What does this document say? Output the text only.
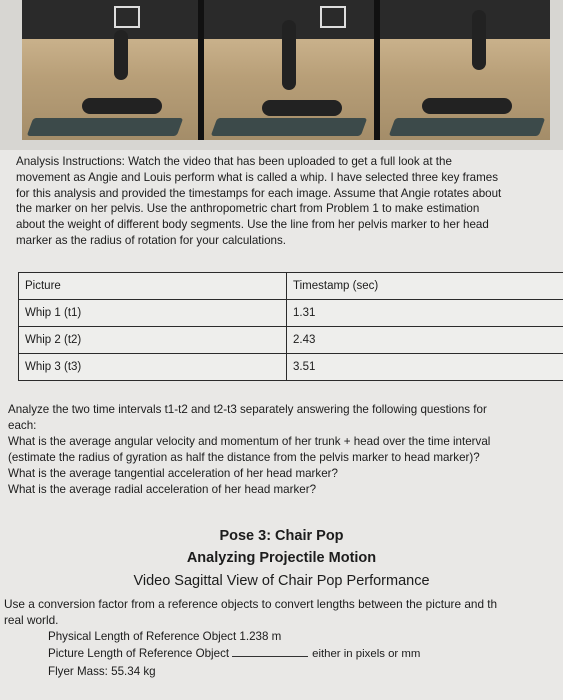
Analysis Instructions: Watch the video that has been uploaded to get a full look at the
movement as Angie and Louis perform what is called a whip. I have selected three key frames
for this analysis and provided the timestamps for each image. Assume that Angie rotates about
the marker on her pelvis. Use the anthropometric chart from Problem 1 to make estimation
about the weight of different body segments. Use the line from her pelvis marker to her head
marker as the radius of rotation for your calculations.
Picture	Timestamp (sec)
Whip 1 (t1)	1.31
Whip 2 (t2)	2.43
Whip 3 (t3)	3.51
Analyze the two time intervals t1-t2 and t2-t3 separately answering the following questions for
each:
What is the average angular velocity and momentum of her trunk + head over the time interval
(estimate the radius of gyration as half the distance from the pelvis marker to head marker)?
What is the average tangential acceleration of her head marker?
What is the average radial acceleration of her head marker?
Pose 3: Chair Pop
Analyzing Projectile Motion
Video Sagittal View of Chair Pop Performance
Use a conversion factor from a reference objects to convert lengths between the picture and th
real world.
Physical Length of Reference Object 1.238 m
Picture Length of Reference Object	either in pixels or mm
Flyer Mass: 55.34 kg
